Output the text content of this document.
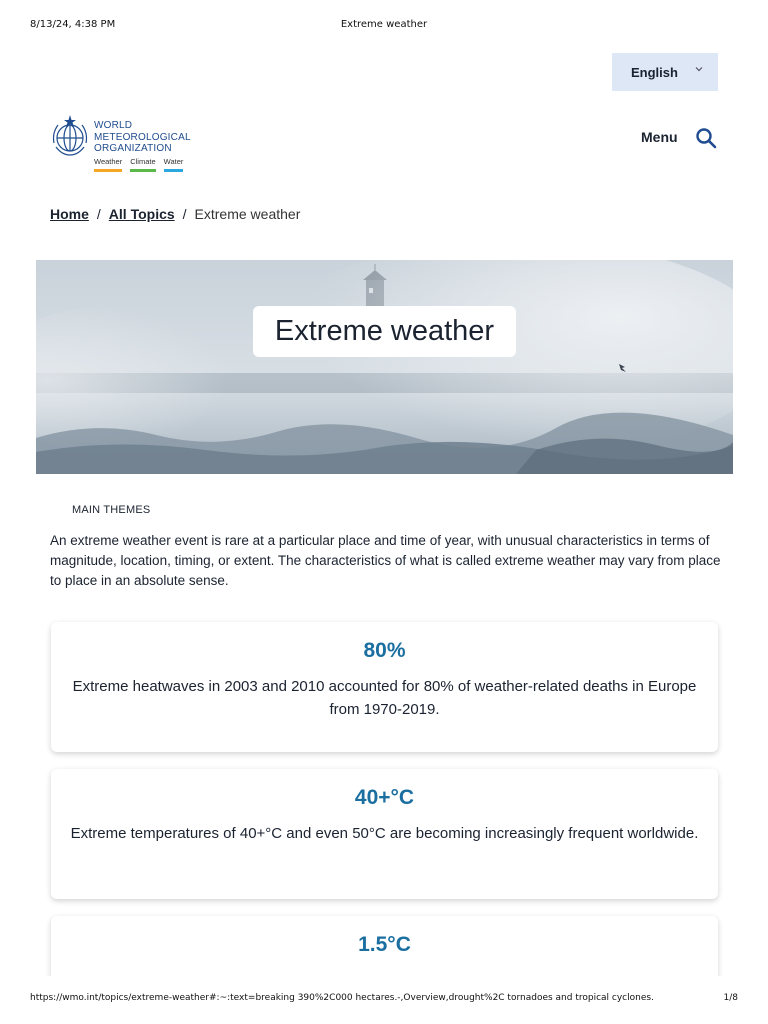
8/13/24, 4:38 PM	Extreme weather
English
WORLD
METEOROLOGICAL
ORGANIZATION
Weather Climate Water
Menu
Home / All Topics / Extreme weather
Extreme weather
MAIN THEMES

An extreme weather event is rare at a particular place and time of year, with unusual characteristics in terms of magnitude, location, timing, or extent. The characteristics of what is called extreme weather may vary from place to place in an absolute sense.

80%
Extreme heatwaves in 2003 and 2010 accounted for 80% of weather-related deaths in Europe from 1970-2019.
40+°C
Extreme temperatures of 40+°C and even 50°C are becoming increasingly frequent worldwide.
1.5°C
https://wmo.int/topics/extreme-weather#:~:text=breaking 390%2C000 hectares.-,Overview,drought%2C tornadoes and tropical cyclones.	1/8
